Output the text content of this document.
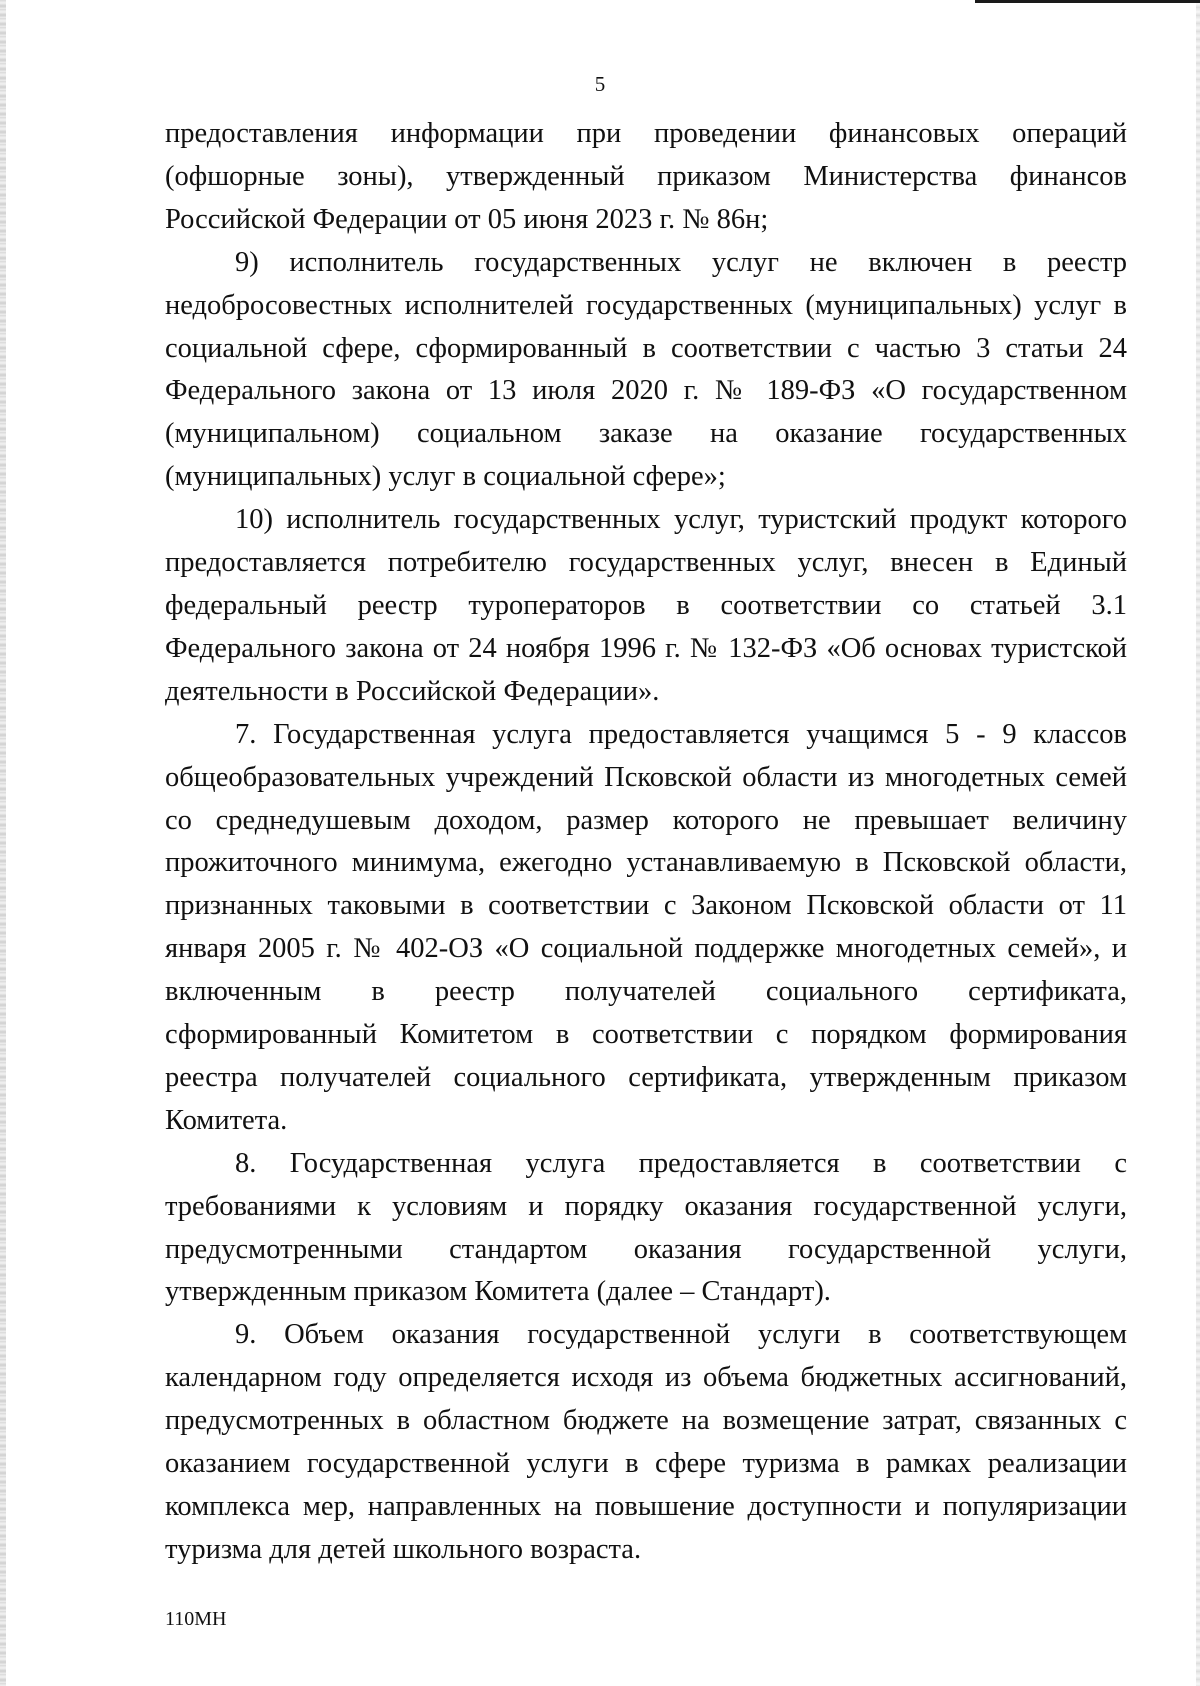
5

предоставления информации при проведении финансовых операций (офшорные зоны), утвержденный приказом Министерства финансов Российской Федерации от 05 июня 2023 г. № 86н;

9) исполнитель государственных услуг не включен в реестр недобросовестных исполнителей государственных (муниципальных) услуг в социальной сфере, сформированный в соответствии с частью 3 статьи 24 Федерального закона от 13 июля 2020 г. № 189-ФЗ «О государственном (муниципальном) социальном заказе на оказание государственных (муниципальных) услуг в социальной сфере»;

10) исполнитель государственных услуг, туристский продукт которого предоставляется потребителю государственных услуг, внесен в Единый федеральный реестр туроператоров в соответствии со статьей 3.1 Федерального закона от 24 ноября 1996 г. № 132-ФЗ «Об основах туристской деятельности в Российской Федерации».

7. Государственная услуга предоставляется учащимся 5 - 9 классов общеобразовательных учреждений Псковской области из многодетных семей со среднедушевым доходом, размер которого не превышает величину прожиточного минимума, ежегодно устанавливаемую в Псковской области, признанных таковыми в соответствии с Законом Псковской области от 11 января 2005 г. № 402-ОЗ «О социальной поддержке многодетных семей», и включенным в реестр получателей социального сертификата, сформированный Комитетом в соответствии с порядком формирования реестра получателей социального сертификата, утвержденным приказом Комитета.

8. Государственная услуга предоставляется в соответствии с требованиями к условиям и порядку оказания государственной услуги, предусмотренными стандартом оказания государственной услуги, утвержденным приказом Комитета (далее – Стандарт).

9. Объем оказания государственной услуги в соответствующем календарном году определяется исходя из объема бюджетных ассигнований, предусмотренных в областном бюджете на возмещение затрат, связанных с оказанием государственной услуги в сфере туризма в рамках реализации комплекса мер, направленных на повышение доступности и популяризации туризма для детей школьного возраста.

110МН
